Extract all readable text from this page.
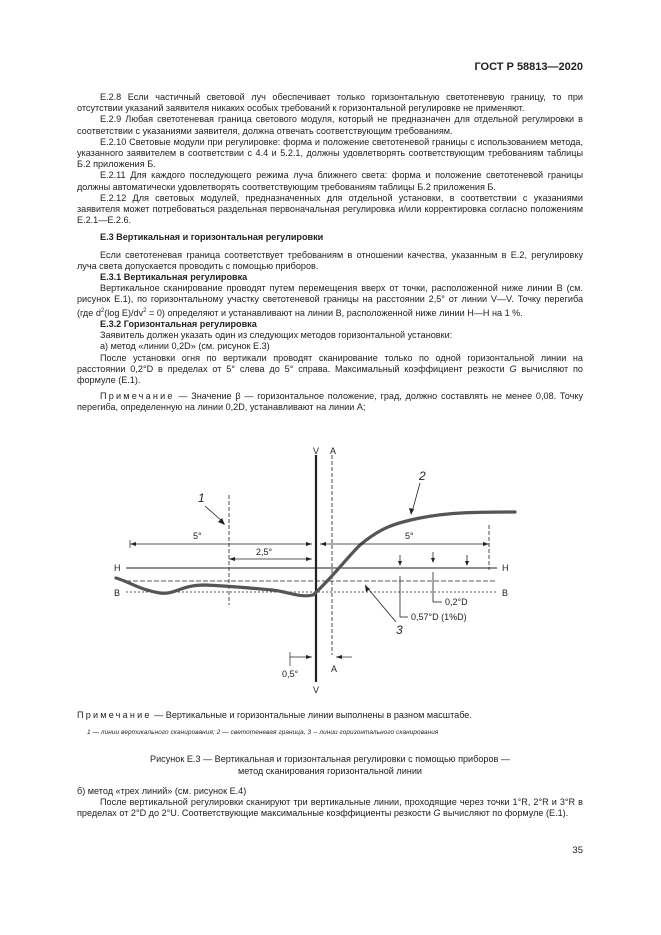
ГОСТ Р 58813—2020

E.2.8 Если частичный световой луч обеспечивает только горизонтальную светотеневую границу, то при отсутствии указаний заявителя никаких особых требований к горизонтальной регулировке не применяют.

E.2.9 Любая светотеневая граница светового модуля, который не предназначен для отдельной регулировки в соответствии с указаниями заявителя, должна отвечать соответствующим требованиям.

E.2.10 Световые модули при регулировке: форма и положение светотеневой границы с использованием метода, указанного заявителем в соответствии с 4.4 и 5.2.1, должны удовлетворять соответствующим требованиям таблицы Б.2 приложения Б.

E.2.11 Для каждого последующего режима луча ближнего света: форма и положение светотеневой границы должны автоматически удовлетворять соответствующим требованиям таблицы Б.2 приложения Б.

E.2.12 Для световых модулей, предназначенных для отдельной установки, в соответствии с указаниями заявителя может потребоваться раздельная первоначальная регулировка и/или корректировка согласно положениям E.2.1—E.2.6.

E.3 Вертикальная и горизонтальная регулировки

Если светотеневая граница соответствует требованиям в отношении качества, указанным в E.2, регулировку луча света допускается проводить с помощью приборов.

E.3.1 Вертикальная регулировка

Вертикальное сканирование проводят путем перемещения вверх от точки, расположенной ниже линии B (см. рисунок E.1), по горизонтальному участку светотеневой границы на расстоянии 2,5° от линии V—V. Точку перегиба (где $d^2(\log$ $E)/dv^2 = 0$) определяют и устанавливают на линии B, расположенной ниже линии H—H на 1 %.

E.3.2 Горизонтальная регулировка

Заявитель должен указать один из следующих методов горизонтальной установки:

a) метод «линии 0,2D» (см. рисунок E.3)

После установки огня по вертикали проводят сканирование только по одной горизонтальной линии на расстоянии 0,2°D в пределах от 5° слева до 5° справа. Максимальный коэффициент резкости G вычисляют по формуле (E.1).

Примечание — Значение β — горизонтальное положение, град, должно составлять не менее 0,08. Точку перегиба, определенную на линии 0,2D, устанавливают на линии A;

V
V
A
A
H	H
B	B
5°
2,5°
5°
0,2°D
0,57°D (1%D)
0,5°
1
2
3
Примечание — Вертикальные и горизонтальные линии выполнены в разном масштабе.
1 — линии вертикального сканирования; 2 — светотеневая граница, 3 -- линии горизонтального сканирования
Рисунок E.3 — Вертикальная и горизонтальная регулировки с помощью приборов —
метод сканирования горизонтальной линии

б) метод «трех линий» (см. рисунок E.4)

После вертикальной регулировки сканируют три вертикальные линии, проходящие через точки 1°R, 2°R и 3°R в пределах от 2°D до 2°U. Соответствующие максимальные коэффициенты резкости G вычисляют по формуле (E.1).

35
